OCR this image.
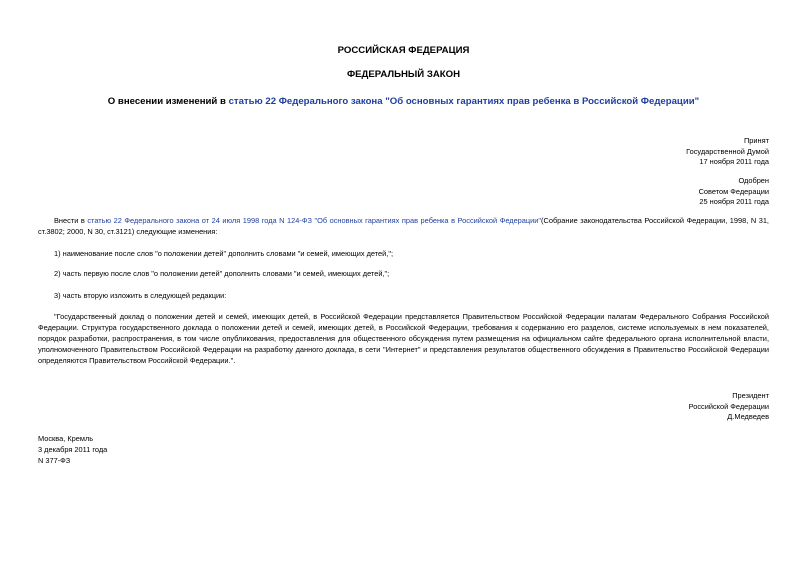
РОССИЙСКАЯ ФЕДЕРАЦИЯ
ФЕДЕРАЛЬНЫЙ ЗАКОН
О внесении изменений в статью 22 Федерального закона "Об основных гарантиях прав ребенка в Российской Федерации"
Принят
Государственной Думой
17 ноября 2011 года
Одобрен
Советом Федерации
25 ноября 2011 года
Внести в статью 22 Федерального закона от 24 июля 1998 года N 124-ФЗ "Об основных гарантиях прав ребенка в Российской Федерации"(Собрание законодательства Российской Федерации, 1998, N 31, ст.3802; 2000, N 30, ст.3121) следующие изменения:
1) наименование после слов "о положении детей" дополнить словами "и семей, имеющих детей,";
2) часть первую после слов "о положении детей" дополнить словами "и семей, имеющих детей,";
3) часть вторую изложить в следующей редакции:
"Государственный доклад о положении детей и семей, имеющих детей, в Российской Федерации представляется Правительством Российской Федерации палатам Федерального Собрания Российской Федерации. Структура государственного доклада о положении детей и семей, имеющих детей, в Российской Федерации, требования к содержанию его разделов, системе используемых в нем показателей, порядок разработки, распространения, в том числе опубликования, предоставления для общественного обсуждения путем размещения на официальном сайте федерального органа исполнительной власти, уполномоченного Правительством Российской Федерации на разработку данного доклада, в сети "Интернет" и представления результатов общественного обсуждения в Правительство Российской Федерации определяются Правительством Российской Федерации.".
Президент
Российской Федерации
Д.Медведев
Москва, Кремль
3 декабря 2011 года
N 377-ФЗ
